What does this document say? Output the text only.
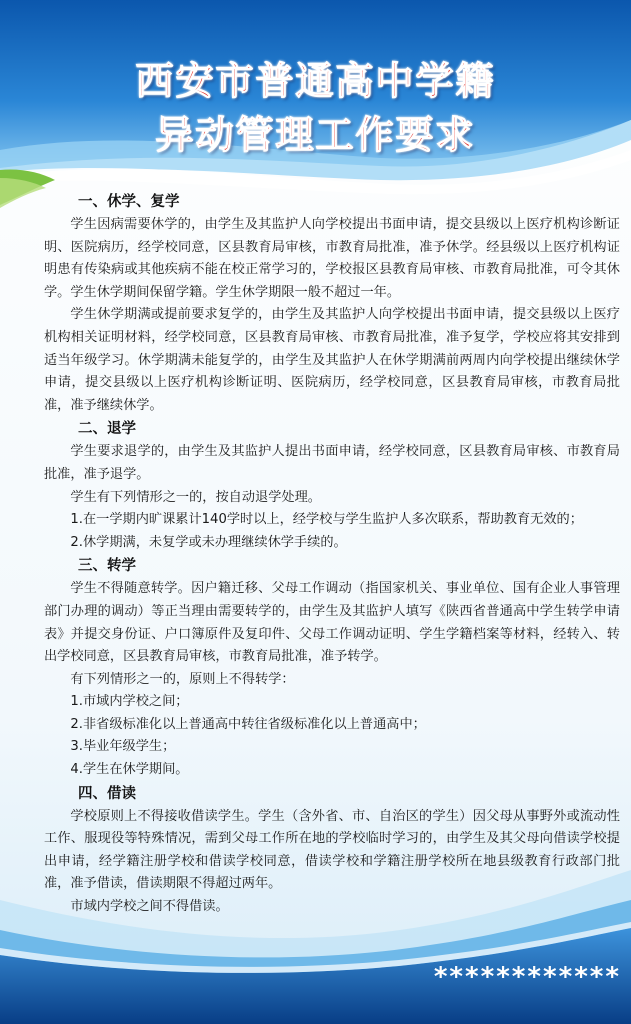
西安市普通高中学籍
异动管理工作要求
一、休学、复学

学生因病需要休学的，由学生及其监护人向学校提出书面申请，提交县级以上医疗机构诊断证明、医院病历，经学校同意，区县教育局审核，市教育局批准，准予休学。经县级以上医疗机构证明患有传染病或其他疾病不能在校正常学习的，学校报区县教育局审核、市教育局批准，可令其休学。学生休学期间保留学籍。学生休学期限一般不超过一年。

学生休学期满或提前要求复学的，由学生及其监护人向学校提出书面申请，提交县级以上医疗机构相关证明材料，经学校同意，区县教育局审核、市教育局批准，准予复学，学校应将其安排到适当年级学习。休学期满未能复学的，由学生及其监护人在休学期满前两周内向学校提出继续休学申请，提交县级以上医疗机构诊断证明、医院病历，经学校同意，区县教育局审核，市教育局批准，准予继续休学。

二、退学

学生要求退学的，由学生及其监护人提出书面申请，经学校同意，区县教育局审核、市教育局批准，准予退学。

学生有下列情形之一的，按自动退学处理。

1.在一学期内旷课累计140学时以上，经学校与学生监护人多次联系，帮助教育无效的；

2.休学期满，未复学或未办理继续休学手续的。

三、转学

学生不得随意转学。因户籍迁移、父母工作调动（指国家机关、事业单位、国有企业人事管理部门办理的调动）等正当理由需要转学的，由学生及其监护人填写《陕西省普通高中学生转学申请表》并提交身份证、户口簿原件及复印件、父母工作调动证明、学生学籍档案等材料，经转入、转出学校同意，区县教育局审核，市教育局批准，准予转学。

有下列情形之一的，原则上不得转学：

1.市域内学校之间；

2.非省级标准化以上普通高中转往省级标准化以上普通高中；

3.毕业年级学生；

4.学生在休学期间。

四、借读

学校原则上不得接收借读学生。学生（含外省、市、自治区的学生）因父母从事野外或流动性工作、服现役等特殊情况，需到父母工作所在地的学校临时学习的，由学生及其父母向借读学校提出申请，经学籍注册学校和借读学校同意，借读学校和学籍注册学校所在地县级教育行政部门批准，准予借读，借读期限不得超过两年。

市域内学校之间不得借读。

************
